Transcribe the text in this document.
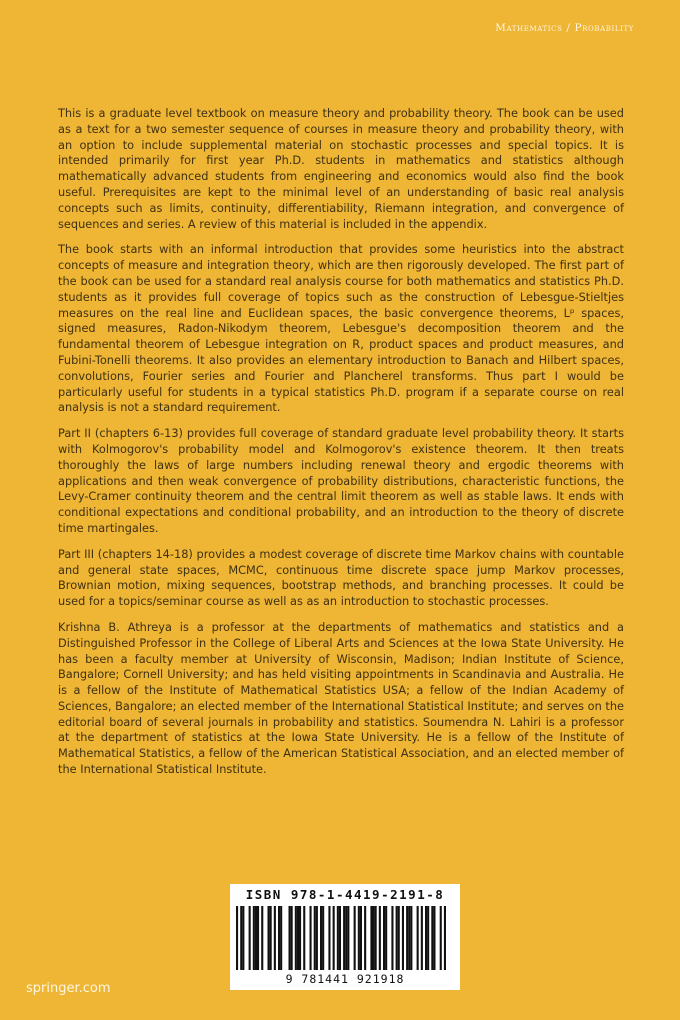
Mathematics / Probability

This is a graduate level textbook on measure theory and probability theory. The book can be used as a text for a two semester sequence of courses in measure theory and probability theory, with an option to include supplemental material on stochastic processes and special topics. It is intended primarily for first year Ph.D. students in mathematics and statistics although mathematically advanced students from engineering and economics would also find the book useful. Prerequisites are kept to the minimal level of an understanding of basic real analysis concepts such as limits, continuity, differentiability, Riemann integration, and convergence of sequences and series. A review of this material is included in the appendix.

The book starts with an informal introduction that provides some heuristics into the abstract concepts of measure and integration theory, which are then rigorously developed. The first part of the book can be used for a standard real analysis course for both mathematics and statistics Ph.D. students as it provides full coverage of topics such as the construction of Lebesgue-Stieltjes measures on the real line and Euclidean spaces, the basic convergence theorems, Lᵖ spaces, signed measures, Radon-Nikodym theorem, Lebesgue's decomposition theorem and the fundamental theorem of Lebesgue integration on R, product spaces and product measures, and Fubini-Tonelli theorems. It also provides an elementary introduction to Banach and Hilbert spaces, convolutions, Fourier series and Fourier and Plancherel transforms. Thus part I would be particularly useful for students in a typical statistics Ph.D. program if a separate course on real analysis is not a standard requirement.

Part II (chapters 6-13) provides full coverage of standard graduate level probability theory. It starts with Kolmogorov's probability model and Kolmogorov's existence theorem. It then treats thoroughly the laws of large numbers including renewal theory and ergodic theorems with applications and then weak convergence of probability distributions, characteristic functions, the Levy-Cramer continuity theorem and the central limit theorem as well as stable laws. It ends with conditional expectations and conditional probability, and an introduction to the theory of discrete time martingales.

Part III (chapters 14-18) provides a modest coverage of discrete time Markov chains with countable and general state spaces, MCMC, continuous time discrete space jump Markov processes, Brownian motion, mixing sequences, bootstrap methods, and branching processes. It could be used for a topics/seminar course as well as as an introduction to stochastic processes.

Krishna B. Athreya is a professor at the departments of mathematics and statistics and a Distinguished Professor in the College of Liberal Arts and Sciences at the Iowa State University. He has been a faculty member at University of Wisconsin, Madison; Indian Institute of Science, Bangalore; Cornell University; and has held visiting appointments in Scandinavia and Australia. He is a fellow of the Institute of Mathematical Statistics USA; a fellow of the Indian Academy of Sciences, Bangalore; an elected member of the International Statistical Institute; and serves on the editorial board of several journals in probability and statistics. Soumendra N. Lahiri is a professor at the department of statistics at the Iowa State University. He is a fellow of the Institute of Mathematical Statistics, a fellow of the American Statistical Association, and an elected member of the International Statistical Institute.

ISBN 978-1-4419-2191-8
9 781441 921918
springer.com
